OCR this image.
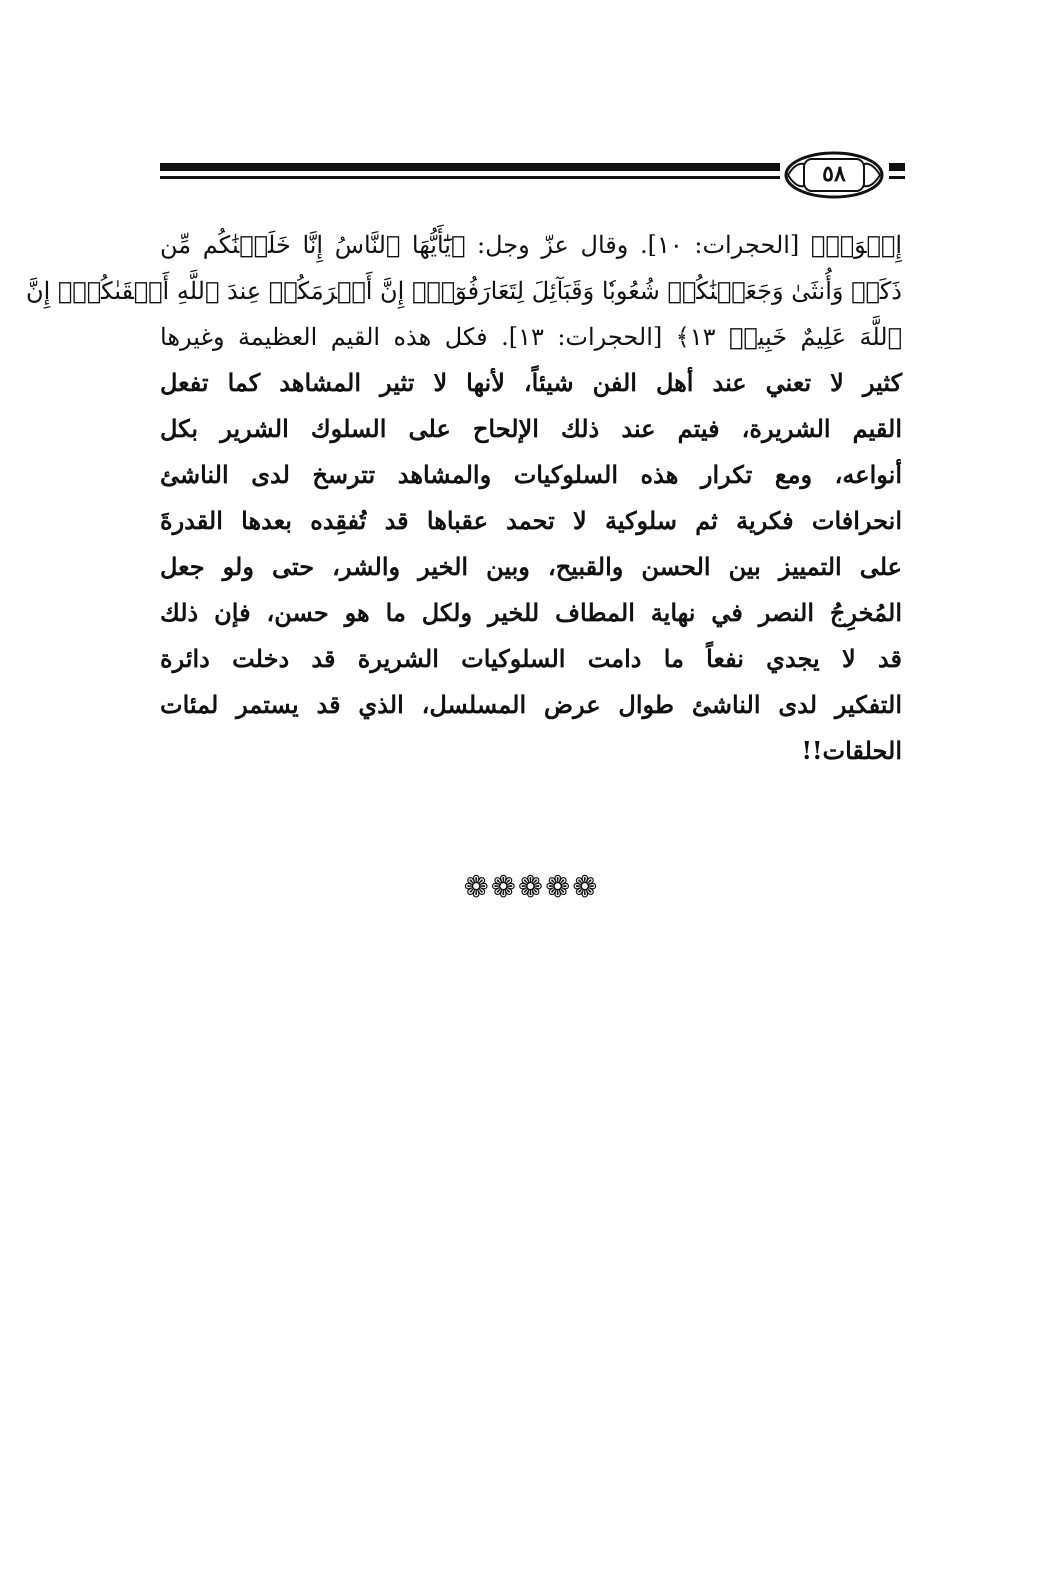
٥٨
إِخۡوَةٞ﴾ [الحجرات: ١٠]. وقال عزّ وجل: ﴿يَٰٓأَيُّهَا ٱلنَّاسُ إِنَّا خَلَقۡنَٰكُم مِّن
ذَكَرٖ وَأُنثَىٰ وَجَعَلۡنَٰكُمۡ شُعُوبٗا وَقَبَآئِلَ لِتَعَارَفُوٓاْۚ إِنَّ أَكۡرَمَكُمۡ عِندَ ٱللَّهِ أَتۡقَىٰكُمۡۚ إِنَّ
ٱللَّهَ عَلِيمٌ خَبِيرٞ ١٣﴾ [الحجرات: ١٣]. فكل هذه القيم العظيمة وغيرها
كثير لا تعني عند أهل الفن شيئاً، لأنها لا تثير المشاهد كما تفعل
القيم الشريرة، فيتم عند ذلك الإلحاح على السلوك الشرير بكل
أنواعه، ومع تكرار هذه السلوكيات والمشاهد تترسخ لدى الناشئ
انحرافات فكرية ثم سلوكية لا تحمد عقباها قد تُفقِده بعدها القدرةَ
على التمييز بين الحسن والقبيح، وبين الخير والشر، حتى ولو جعل
المُخرِجُ النصر في نهاية المطاف للخير ولكل ما هو حسن، فإن ذلك
قد لا يجدي نفعاً ما دامت السلوكيات الشريرة قد دخلت دائرة
التفكير لدى الناشئ طوال عرض المسلسل، الذي قد يستمر لمئات
الحلقات!!
❁❁❁❁❁
